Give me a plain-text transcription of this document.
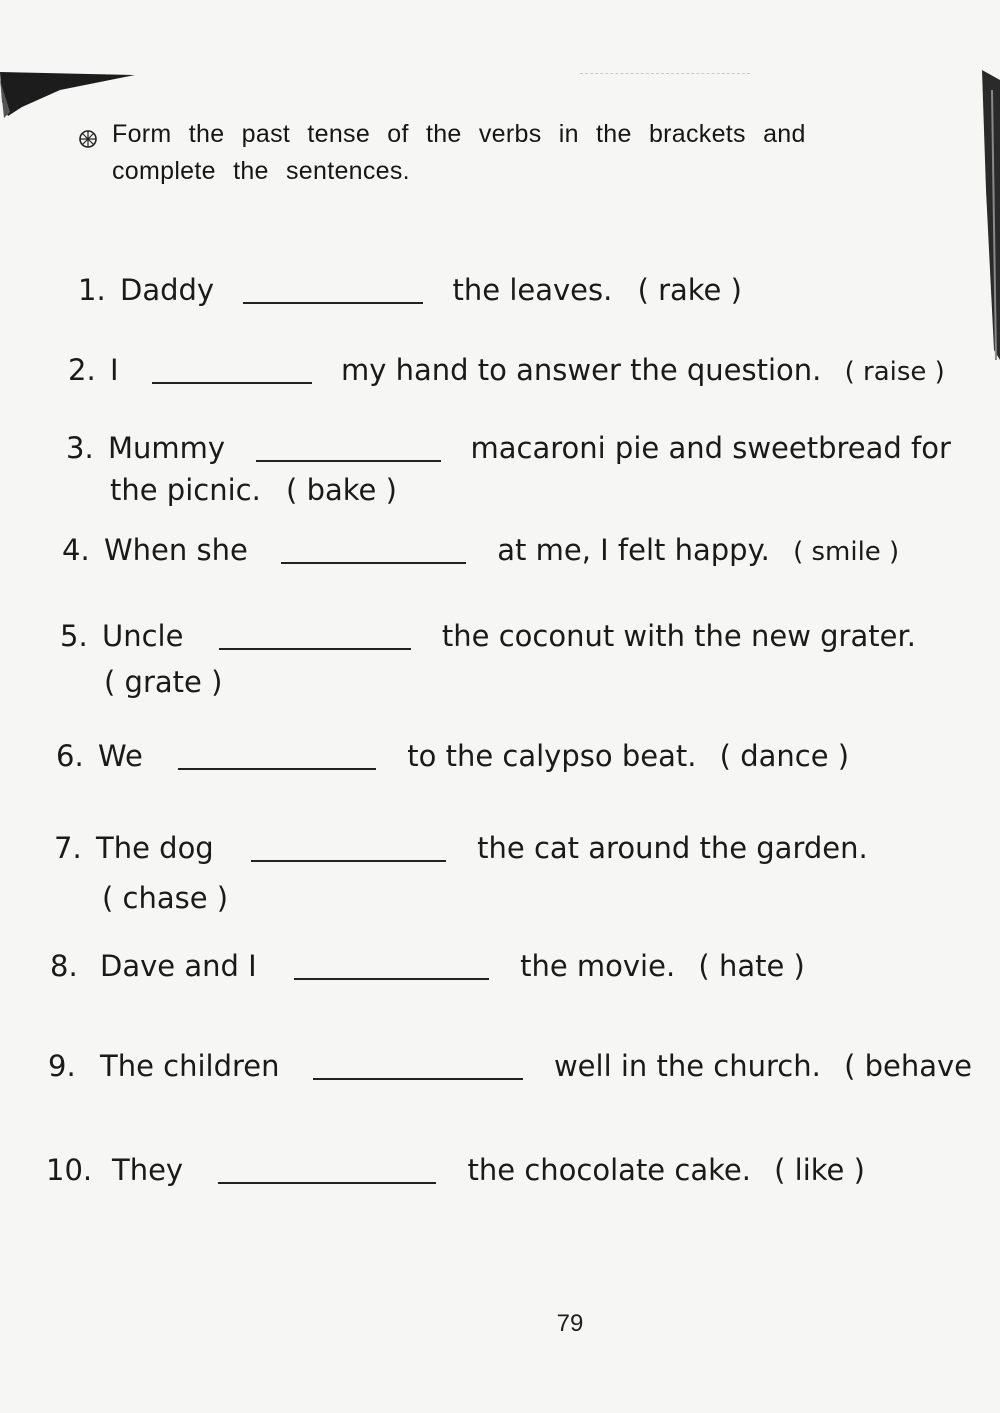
Form the past tense of the verbs in the brackets and
complete the sentences.
1. Daddy	the leaves. ( rake )
2. I	my hand to answer the question. ( raise )
3. Mummy	macaroni pie and sweetbread for
the picnic. ( bake )
4. When she	at me, I felt happy. ( smile )
5. Uncle	the coconut with the new grater.
( grate )
6. We	to the calypso beat. ( dance )
7. The dog	the cat around the garden.
( chase )
8. Dave and I	the movie. ( hate )
9. The children	well in the church. ( behave
10. They	the chocolate cake. ( like )
79
